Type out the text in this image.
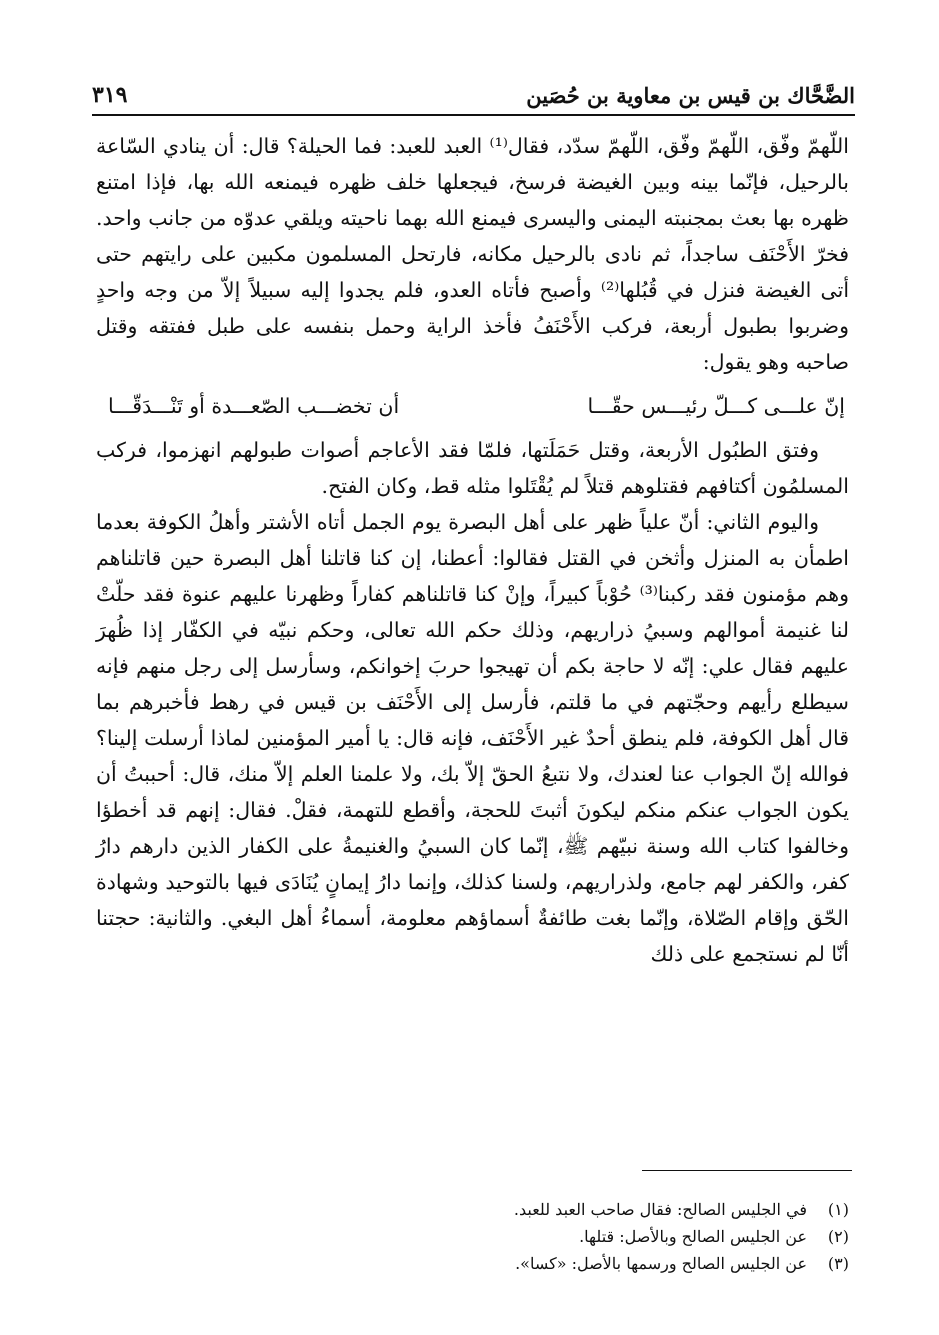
الضَّحَّاك بن قيس بن معاوية بن حُصَين
٣١٩

اللّهمّ وفّق، اللّهمّ وفّق، اللّهمّ سدّد، فقال⁽¹⁾ العبد للعبد: فما الحيلة؟ قال: أن ينادي السّاعة بالرحيل، فإنّما بينه وبين الغيضة فرسخ، فيجعلها خلف ظهره فيمنعه الله بها، فإذا امتنع ظهره بها بعث بمجنبته اليمنى واليسرى فيمنع الله بهما ناحيته ويلقي عدوّه من جانب واحد. فخرّ الأَحْنَف ساجداً، ثم نادى بالرحيل مكانه، فارتحل المسلمون مكبين على رايتهم حتى أتى الغيضة فنزل في قُبُلها⁽²⁾ وأصبح فأتاه العدو، فلم يجدوا إليه سبيلاً إلاّ من وجه واحدٍ وضربوا بطبول أربعة، فركب الأَحْنَفُ فأخذ الراية وحمل بنفسه على طبل ففتقه وقتل صاحبه وهو يقول:

إنّ علـــى كـــلّ رئيـــس حقّـــا
أن تخضـــب الصّعـــدة أو تَنْـــدَقّـــا

وفتق الطبُول الأربعة، وقتل حَمَلَتها، فلمّا فقد الأعاجم أصوات طبولهم انهزموا، فركب المسلمُون أكتافهم فقتلوهم قتلاً لم يُقْتَلوا مثله قط، وكان الفتح.

واليوم الثاني: أنّ علياً ظهر على أهل البصرة يوم الجمل أتاه الأشتر وأهلُ الكوفة بعدما اطمأن به المنزل وأثخن في القتل فقالوا: أعطنا، إن كنا قاتلنا أهل البصرة حين قاتلناهم وهم مؤمنون فقد ركبنا⁽³⁾ حُوْباً كبيراً، وإنْ كنا قاتلناهم كفاراً وظهرنا عليهم عنوة فقد حلّتْ لنا غنيمة أموالهم وسبيُ ذراريهم، وذلك حكم الله تعالى، وحكم نبيّه في الكفّار إذا ظُهرَ عليهم فقال علي: إنّه لا حاجة بكم أن تهيجوا حربَ إخوانكم، وسأرسل إلى رجل منهم فإنه سيطلع رأيهم وحجّتهم في ما قلتم، فأرسل إلى الأَحْنَف بن قيس في رهط فأخبرهم بما قال أهل الكوفة، فلم ينطق أحدٌ غير الأَحْنَف، فإنه قال: يا أمير المؤمنين لماذا أرسلت إلينا؟ فوالله إنّ الجواب عنا لعندك، ولا نتبعُ الحقّ إلاّ بك، ولا علمنا العلم إلاّ منك، قال: أحببتُ أن يكون الجواب عنكم منكم ليكونَ أثبتَ للحجة، وأقطع للتهمة، فقلْ. فقال: إنهم قد أخطؤا وخالفوا كتاب الله وسنة نبيّهم ﷺ، إنّما كان السبيُ والغنيمةُ على الكفار الذين دارهم دارُ كفر، والكفر لهم جامع، ولذراريهم، ولسنا كذلك، وإنما دارُ إيمانٍ يُنَادَى فيها بالتوحيد وشهادة الحّق وإقام الصّلاة، وإنّما بغت طائفةٌ أسماؤهم معلومة، أسماءُ أهل البغي. والثانية: حجتنا أنّا لم نستجمع على ذلك

(١)
في الجليس الصالح: فقال صاحب العبد للعبد.
(٢)
عن الجليس الصالح وبالأصل: قتلها.
(٣)
عن الجليس الصالح ورسمها بالأصل: «كسا».
